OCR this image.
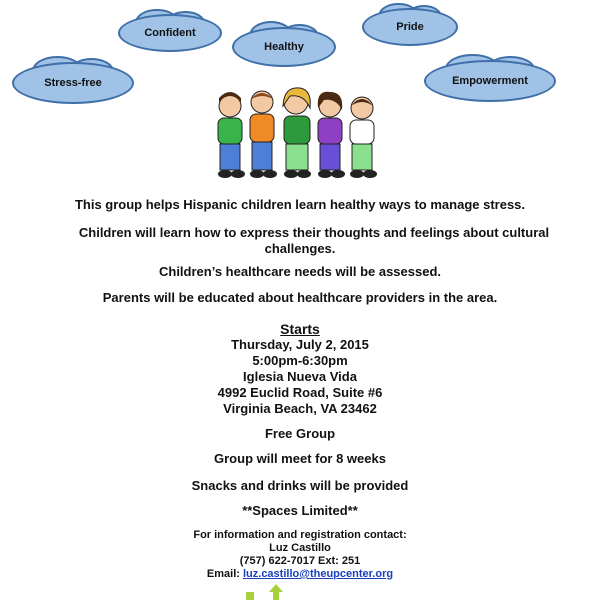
Confident
Healthy
Pride
Stress-free	Empowerment
This group helps Hispanic children learn healthy ways to manage stress.
Children will learn how to express their thoughts and feelings about cultural
challenges.
Children’s healthcare needs will be assessed.
Parents will be educated about healthcare providers in the area.
Starts
Thursday, July 2, 2015
5:00pm-6:30pm
Iglesia Nueva Vida
4992 Euclid Road, Suite #6
Virginia Beach, VA 23462
Free Group
Group will meet for 8 weeks
Snacks and drinks will be provided
**Spaces Limited**
For information and registration contact:
Luz Castillo
(757) 622-7017 Ext: 251
Email: luz.castillo@theupcenter.org
